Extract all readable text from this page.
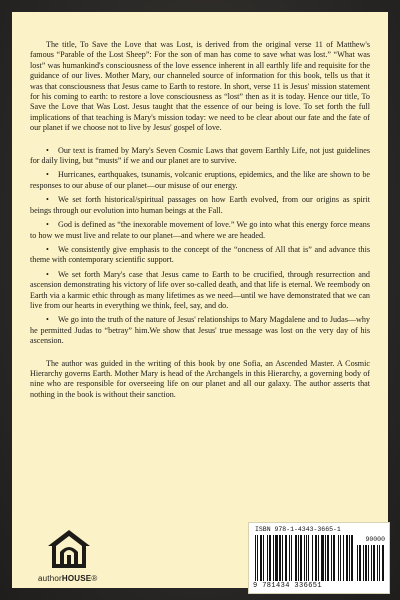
The title, To Save the Love that was Lost, is derived from the original verse 11 of Matthew's famous “Parable of the Lost Sheep”: For the son of man has come to save what was lost.” “What was lost” was humankind's consciousness of the love essence inherent in all earthly life and requisite for the guidance of our lives. Mother Mary, our channeled source of information for this book, tells us that it was that consciousness that Jesus came to Earth to restore. In short, verse 11 is Jesus' mission statement for his coming to earth: to restore a love consciousness as “lost” then as it is today. Hence our title, To Save the Love that Was Lost. Jesus taught that the essence of our being is love. To set forth the full implications of that teaching is Mary's mission today: we need to be clear about our fate and the fate of our planet if we choose not to live by Jesus' gospel of love.

• Our text is framed by Mary's Seven Cosmic Laws that govern Earthly Life, not just guidelines for daily living, but “musts” if we and our planet are to survive.
• Hurricanes, earthquakes, tsunamis, volcanic eruptions, epidemics, and the like are shown to be responses to our abuse of our planet—our misuse of our energy.
• We set forth historical/spiritual passages on how Earth evolved, from our origins as spirit beings through our evolution into human beings at the Fall.
• God is defined as “the inexorable movement of love.” We go into what this energy force means to how we must live and relate to our planet—and where we are headed.
• We consistently give emphasis to the concept of the “oncness of All that is” and advance this theme with contemporary scientific support.
• We set forth Mary's case that Jesus came to Earth to be crucified, through resurrection and ascension demonstrating his victory of life over so-called death, and that life is eternal. We reembody on Earth via a karmic ethic through as many lifetimes as we need—until we have demonstrated that we can live from our hearts in everything we think, feel, say, and do.
• We go into the truth of the nature of Jesus' relationships to Mary Magdalene and to Judas—why he permitted Judas to “betray” him.We show that Jesus' true message was lost on the very day of his ascension.

The author was guided in the writing of this book by one Sofia, an Ascended Master. A Cosmic Hierarchy governs Earth. Mother Mary is head of the Archangels in this Hierarchy, a governing body of nine who are responsible for overseeing life on our planet and all our galaxy. The author asserts that nothing in the book is without their sanction.

authorHOUSE®
ISBN 978-1-4343-3665-1
90000
9 781434 336651
